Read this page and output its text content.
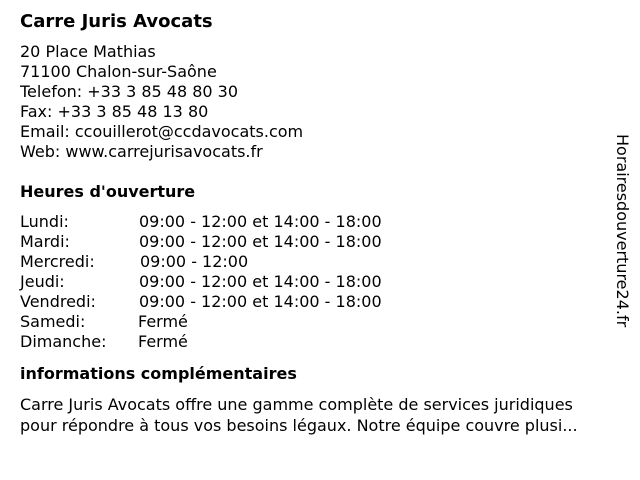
Carre Juris Avocats
20 Place Mathias
71100 Chalon-sur-Saône
Telefon: +33 3 85 48 80 30
Fax: +33 3 85 48 13 80
Email: ccouillerot@ccdavocats.com
Web: www.carrejurisavocats.fr
Heures d'ouverture
Lundi:	09:00 - 12:00 et 14:00 - 18:00
Mardi:	09:00 - 12:00 et 14:00 - 18:00
Mercredi:	09:00 - 12:00
Jeudi:	09:00 - 12:00 et 14:00 - 18:00
Vendredi:	09:00 - 12:00 et 14:00 - 18:00
Samedi:	Fermé
Dimanche: Fermé
informations complémentaires
Carre Juris Avocats offre une gamme complète de services juridiques
pour répondre à tous vos besoins légaux. Notre équipe couvre plusi...
Horairesdouverture24.fr
